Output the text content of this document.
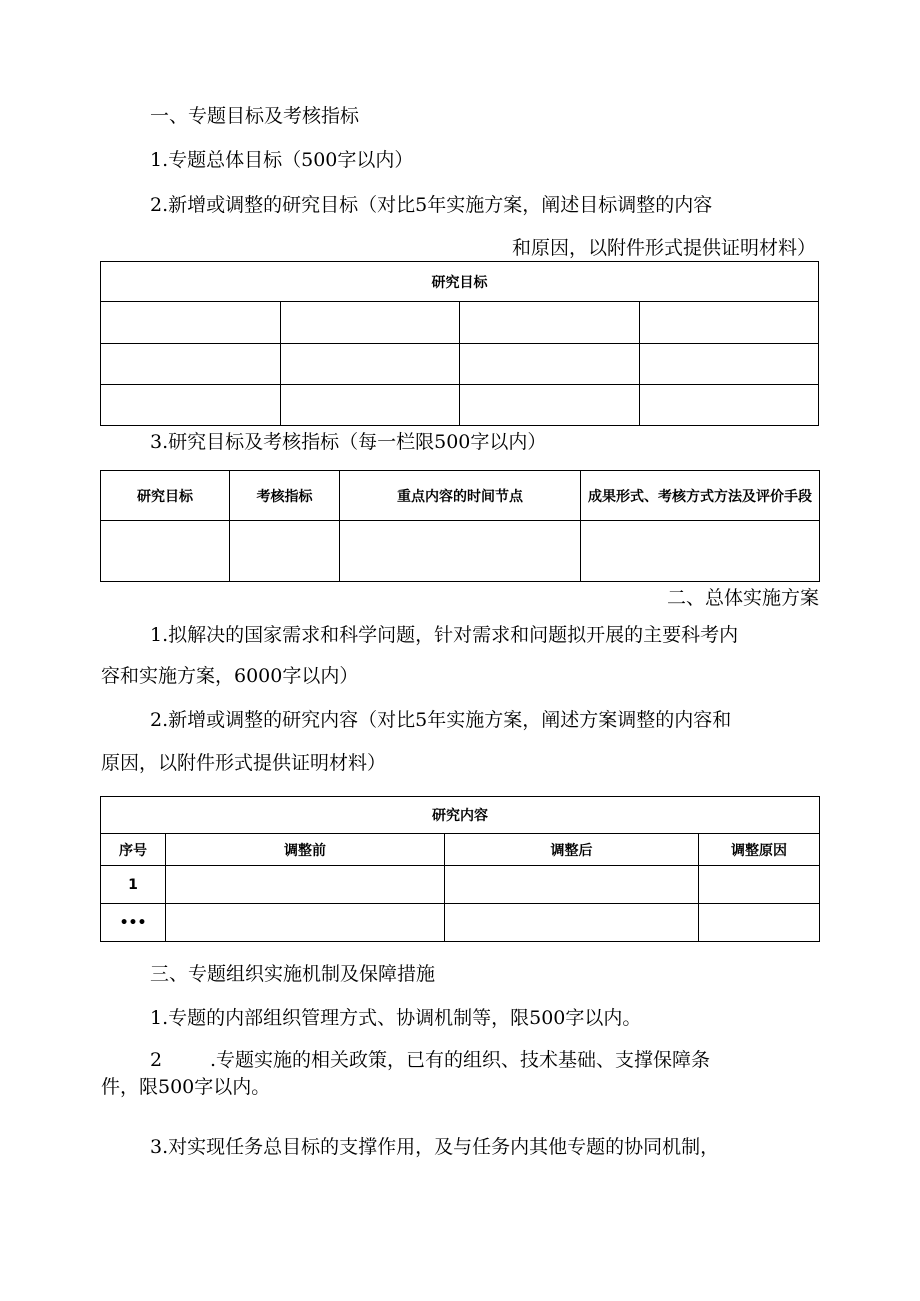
一、专题目标及考核指标
1.专题总体目标（500字以内）
2.新增或调整的研究目标（对比5年实施方案，阐述目标调整的内容
和原因，以附件形式提供证明材料）
研究目标			

3.研究目标及考核指标（每一栏限500字以内）
研究目标	考核指标	重点内容的时间节点	成果形式、考核方式方法及评价手段

二、总体实施方案
1.拟解决的国家需求和科学问题，针对需求和问题拟开展的主要科考内
容和实施方案，6000字以内）
2.新增或调整的研究内容（对比5年实施方案，阐述方案调整的内容和
原因，以附件形式提供证明材料）
研究内容			
序号	调整前	调整后	调整原因
1			
•••			
三、专题组织实施机制及保障措施
1.专题的内部组织管理方式、协调机制等，限500字以内。
2	.专题实施的相关政策，已有的组织、技术基础、支撑保障条
件，限500字以内。
3.对实现任务总目标的支撑作用，及与任务内其他专题的协同机制，
